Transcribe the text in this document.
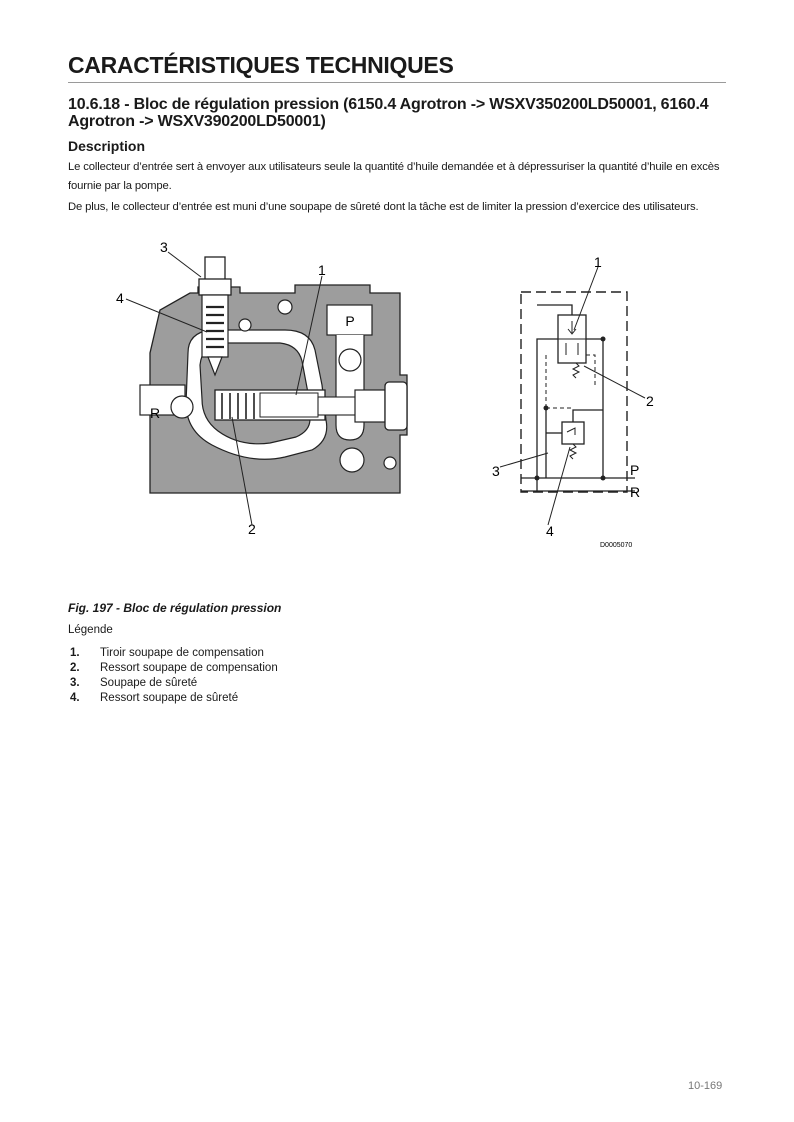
CARACTÉRISTIQUES TECHNIQUES
10.6.18 - Bloc de régulation pression (6150.4 Agrotron -> WSXV350200LD50001, 6160.4 Agrotron -> WSXV390200LD50001)
Description
Le collecteur d’entrée sert à envoyer aux utilisateurs seule la quantité d’huile demandée et à dépressuriser la quantité d’huile en excès fournie par la pompe.
De plus, le collecteur d’entrée est muni d’une soupape de sûreté dont la tâche est de limiter la pression d’exercice des utilisateurs.
P
R
3
4
1
2
1
2
3
4
P
R
D0005070
Fig. 197 - Bloc de régulation pression
Légende
1.	Tiroir soupape de compensation
2.	Ressort soupape de compensation
3.	Soupape de sûreté
4.	Ressort soupape de sûreté
10-169
